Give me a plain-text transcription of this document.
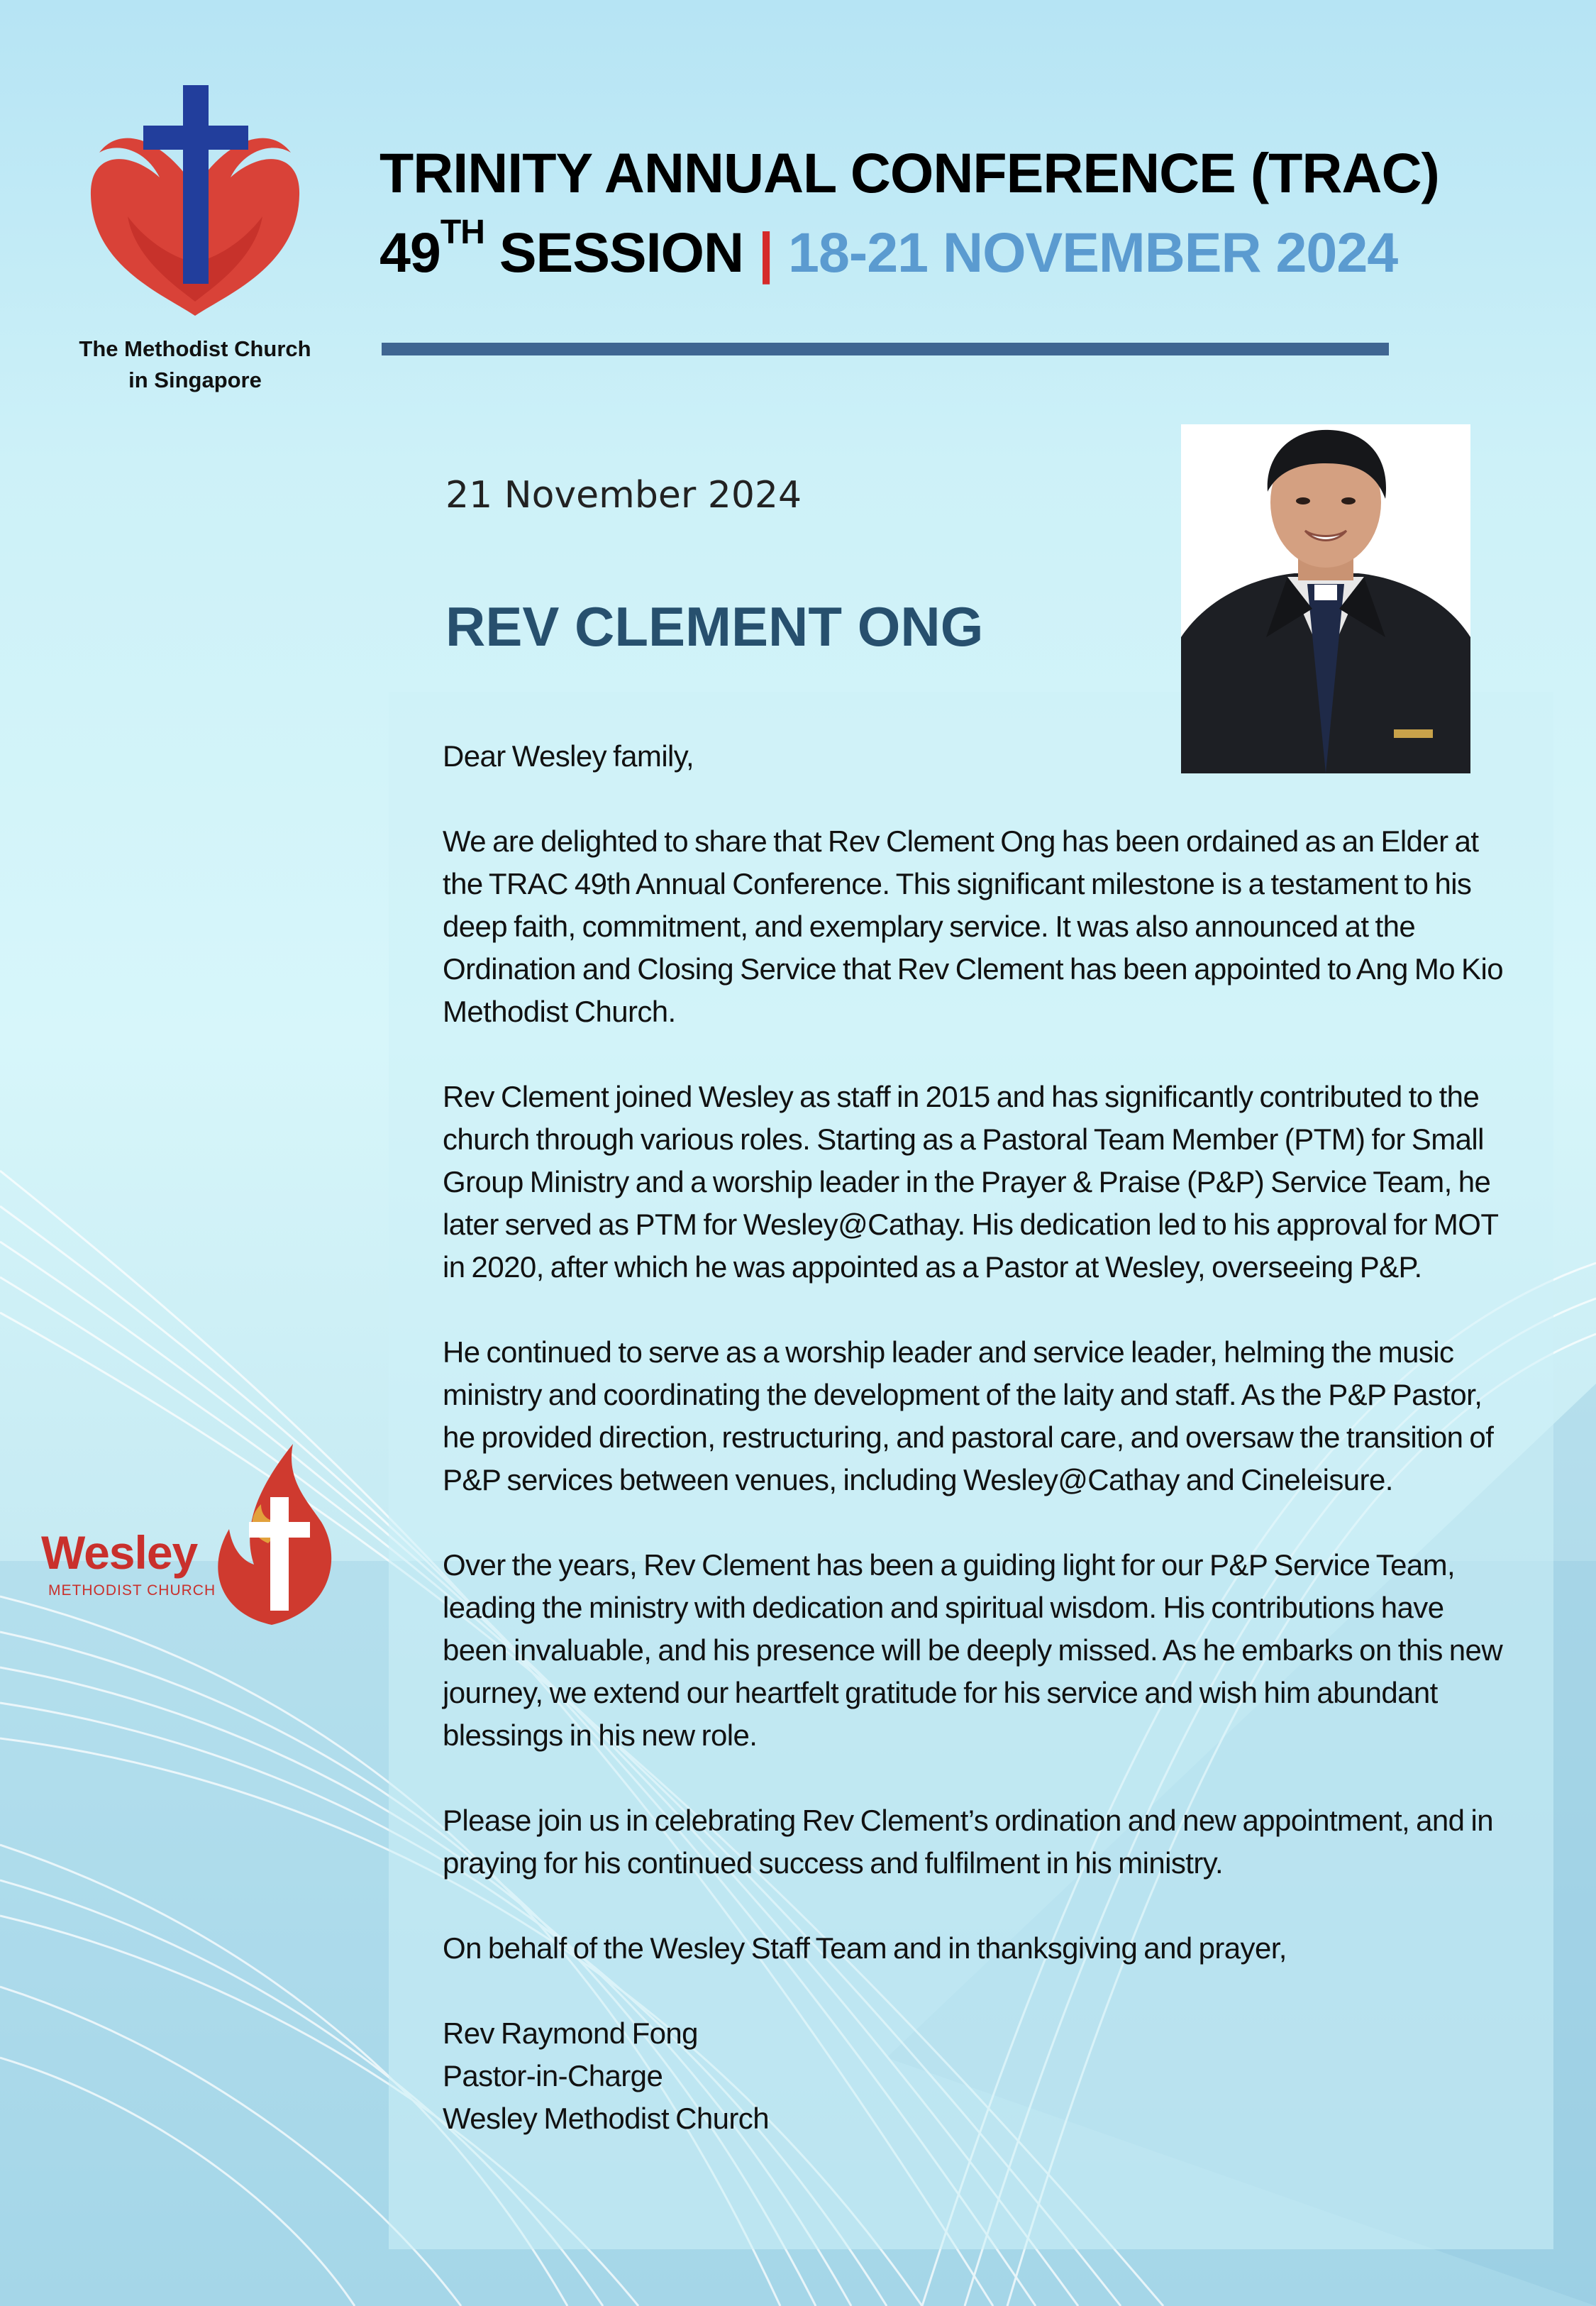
The Methodist Church
in Singapore
TRINITY ANNUAL CONFERENCE (TRAC)
49TH SESSION | 18-21 NOVEMBER 2024
21 November 2024
REV CLEMENT ONG

Dear Wesley family,

We are delighted to share that Rev Clement Ong has been ordained as an Elder at the TRAC 49th Annual Conference. This significant milestone is a testament to his deep faith, commitment, and exemplary service. It was also announced at the Ordination and Closing Service that Rev Clement has been appointed to Ang Mo Kio Methodist Church.

Rev Clement joined Wesley as staff in 2015 and has significantly contributed to the church through various roles. Starting as a Pastoral Team Member (PTM) for Small Group Ministry and a worship leader in the Prayer & Praise (P&P) Service Team, he later served as PTM for Wesley@Cathay. His dedication led to his approval for MOT in 2020, after which he was appointed as a Pastor at Wesley, overseeing P&P.

He continued to serve as a worship leader and service leader, helming the music ministry and coordinating the development of the laity and staff. As the P&P Pastor, he provided direction, restructuring, and pastoral care, and oversaw the transition of P&P services between venues, including Wesley@Cathay and Cineleisure.

Over the years, Rev Clement has been a guiding light for our P&P Service Team, leading the ministry with dedication and spiritual wisdom. His contributions have been invaluable, and his presence will be deeply missed. As he embarks on this new journey, we extend our heartfelt gratitude for his service and wish him abundant blessings in his new role.

Please join us in celebrating Rev Clement’s ordination and new appointment, and in praying for his continued success and fulfilment in his ministry.

On behalf of the Wesley Staff Team and in thanksgiving and prayer,

Rev Raymond Fong

Pastor-in-Charge

Wesley Methodist Church

Wesley
METHODIST CHURCH
